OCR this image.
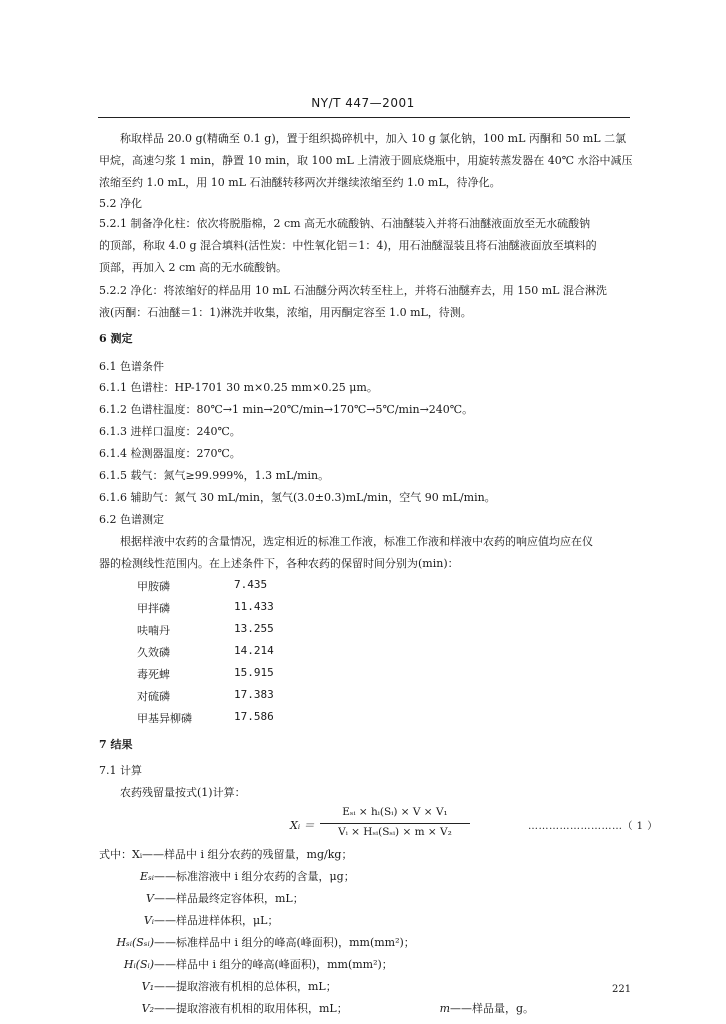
NY/T 447—2001
称取样品 20.0 g(精确至 0.1 g)，置于组织捣碎机中，加入 10 g 氯化钠，100 mL 丙酮和 50 mL 二氯
甲烷，高速匀浆 1 min，静置 10 min，取 100 mL 上清液于圆底烧瓶中，用旋转蒸发器在 40℃ 水浴中减压
浓缩至约 1.0 mL，用 10 mL 石油醚转移两次并继续浓缩至约 1.0 mL，待净化。
5.2 净化
5.2.1 制备净化柱：依次将脱脂棉，2 cm 高无水硫酸钠、石油醚装入并将石油醚液面放至无水硫酸钠
的顶部，称取 4.0 g 混合填料(活性炭：中性氧化铝＝1：4)，用石油醚湿装且将石油醚液面放至填料的
顶部，再加入 2 cm 高的无水硫酸钠。
5.2.2 净化：将浓缩好的样品用 10 mL 石油醚分两次转至柱上，并将石油醚弃去，用 150 mL 混合淋洗
液(丙酮：石油醚＝1：1)淋洗并收集，浓缩，用丙酮定容至 1.0 mL，待测。
6 测定
6.1 色谱条件
6.1.1 色谱柱：HP-1701 30 m×0.25 mm×0.25 μm。
6.1.2 色谱柱温度：80℃→1 min→20℃/min→170℃→5℃/min→240℃。
6.1.3 进样口温度：240℃。
6.1.4 检测器温度：270℃。
6.1.5 载气：氮气≥99.999%，1.3 mL/min。
6.1.6 辅助气：氮气 30 mL/min，氢气(3.0±0.3)mL/min，空气 90 mL/min。
6.2 色谱测定
根据样液中农药的含量情况，选定相近的标准工作液，标准工作液和样液中农药的响应值均应在仪
器的检测线性范围内。在上述条件下，各种农药的保留时间分别为(min)：
甲胺磷	7.435
甲拌磷	11.433
呋喃丹	13.255
久效磷	14.214
毒死蜱	15.915
对硫磷	17.383
甲基异柳磷	17.586
7 结果
7.1 计算
农药残留量按式(1)计算：
Xᵢ ＝
Eₛᵢ × hᵢ(Sᵢ) × V × V₁
Vᵢ × Hₛᵢ(Sₛᵢ) × m × V₂	………………………（ 1 ）
式中：Xᵢ——样品中 i 组分农药的残留量，mg/kg；
Eₛᵢ——标准溶液中 i 组分农药的含量，μg；
V——样品最终定容体积，mL；
Vᵢ——样品进样体积，μL；
Hₛᵢ(Sₛᵢ)——标准样品中 i 组分的峰高(峰面积)，mm(mm²)；
Hᵢ(Sᵢ)——样品中 i 组分的峰高(峰面积)，mm(mm²)；
V₁——提取溶液有机相的总体积，mL；
V₂——提取溶液有机相的取用体积，mL；	m——样品量，g。
221
